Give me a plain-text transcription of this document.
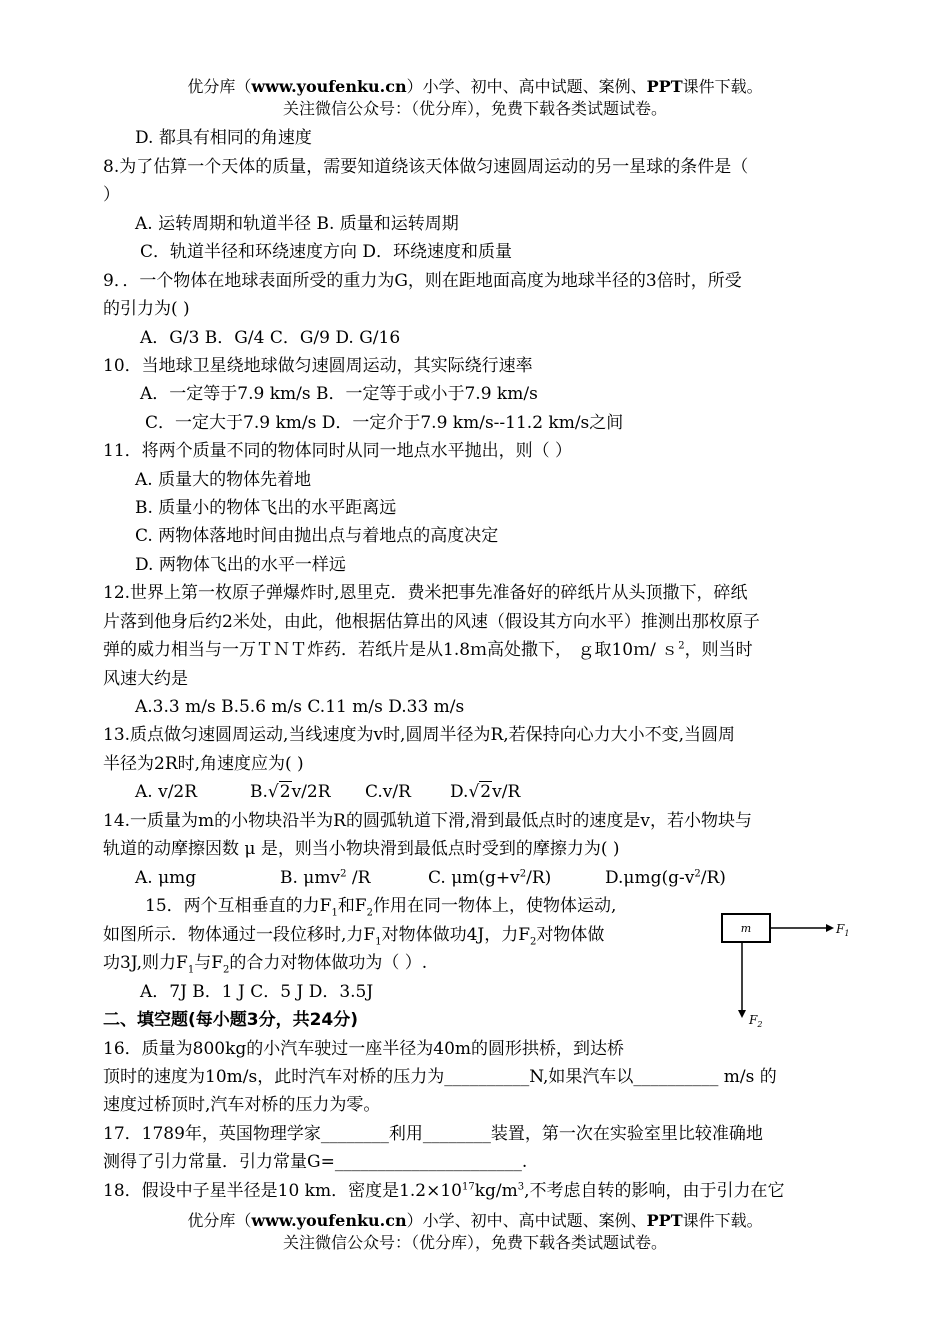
优分库（www.youfenku.cn）小学、初中、高中试题、案例、PPT课件下载。
关注微信公众号：（优分库），免费下载各类试题试卷。
D. 都具有相同的角速度
8.为了估算一个天体的质量，需要知道绕该天体做匀速圆周运动的另一星球的条件是（
）
A. 运转周期和轨道半径 B. 质量和运转周期
C．轨道半径和环绕速度方向 D．环绕速度和质量
9．．一个物体在地球表面所受的重力为G，则在距地面高度为地球半径的3倍时，所受
的引力为( )
A．G/3 B．G/4 C．G/9 D. G/16
10．当地球卫星绕地球做匀速圆周运动，其实际绕行速率
A．一定等于7.9 km/s B．一定等于或小于7.9 km/s
C．一定大于7.9 km/s D．一定介于7.9 km/s--11.2 km/s之间
11．将两个质量不同的物体同时从同一地点水平抛出，则（ ）
A. 质量大的物体先着地
B. 质量小的物体飞出的水平距离远
C. 两物体落地时间由抛出点与着地点的高度决定
D. 两物体飞出的水平一样远
12.世界上第一枚原子弹爆炸时,恩里克．费米把事先准备好的碎纸片从头顶撒下，碎纸
片落到他身后约2米处，由此，他根据估算出的风速（假设其方向水平）推测出那枚原子
弹的威力相当与一万ＴＮＴ炸药．若纸片是从1.8ｍ高处撒下， ｇ取10ｍ/ ｓ$^2$，则当时
风速大约是
A.3.3 m/s B.5.6 m/s C.11 m/s D.33 m/s
13.质点做匀速圆周运动,当线速度为v时,圆周半径为R,若保持向心力大小不变,当圆周
半径为2R时,角速度应为( )
A. v/2R	B.√2v/2R C.v/R D.√2v/R
14.一质量为m的小物块沿半为R的圆弧轨道下滑,滑到最低点时的速度是v，若小物块与
轨道的动摩擦因数 μ 是，则当小物块滑到最低点时受到的摩擦力为( )
A. μmg	B. μmv$^2$ /R	C. $\mu m(g+v^2/R)$	$D.\mu mg(g-v^2/R)$
15．两个互相垂直的力$F_1$和$F_2$作用在同一物体上，使物体运动,
如图所示．物体通过一段位移时,力$F_1$对物体做功4J，力$F_2$对物体做
功3J,则力$F_1$与$F_2$的合力对物体做功为（ ）.
A．7J B．1 J C．5 J D．3.5J
二、填空题(每小题3分，共24分)
16．质量为800kg的小汽车驶过一座半径为40m的圆形拱桥，到达桥
顶时的速度为10m/s，此时汽车对桥的压力为__________N,如果汽车以__________ m/s 的
速度过桥顶时,汽车对桥的压力为零。
17．1789年，英国物理学家________利用________装置，第一次在实验室里比较准确地
测得了引力常量．引力常量G=______________________.
18．假设中子星半径是10 km．密度是$1.2\times 10^{17}kg/m^3$,不考虑自转的影响，由于引力在它
优分库（www.youfenku.cn）小学、初中、高中试题、案例、PPT课件下载。
关注微信公众号：（优分库），免费下载各类试题试卷。
m	$F_1$
$F_2$
